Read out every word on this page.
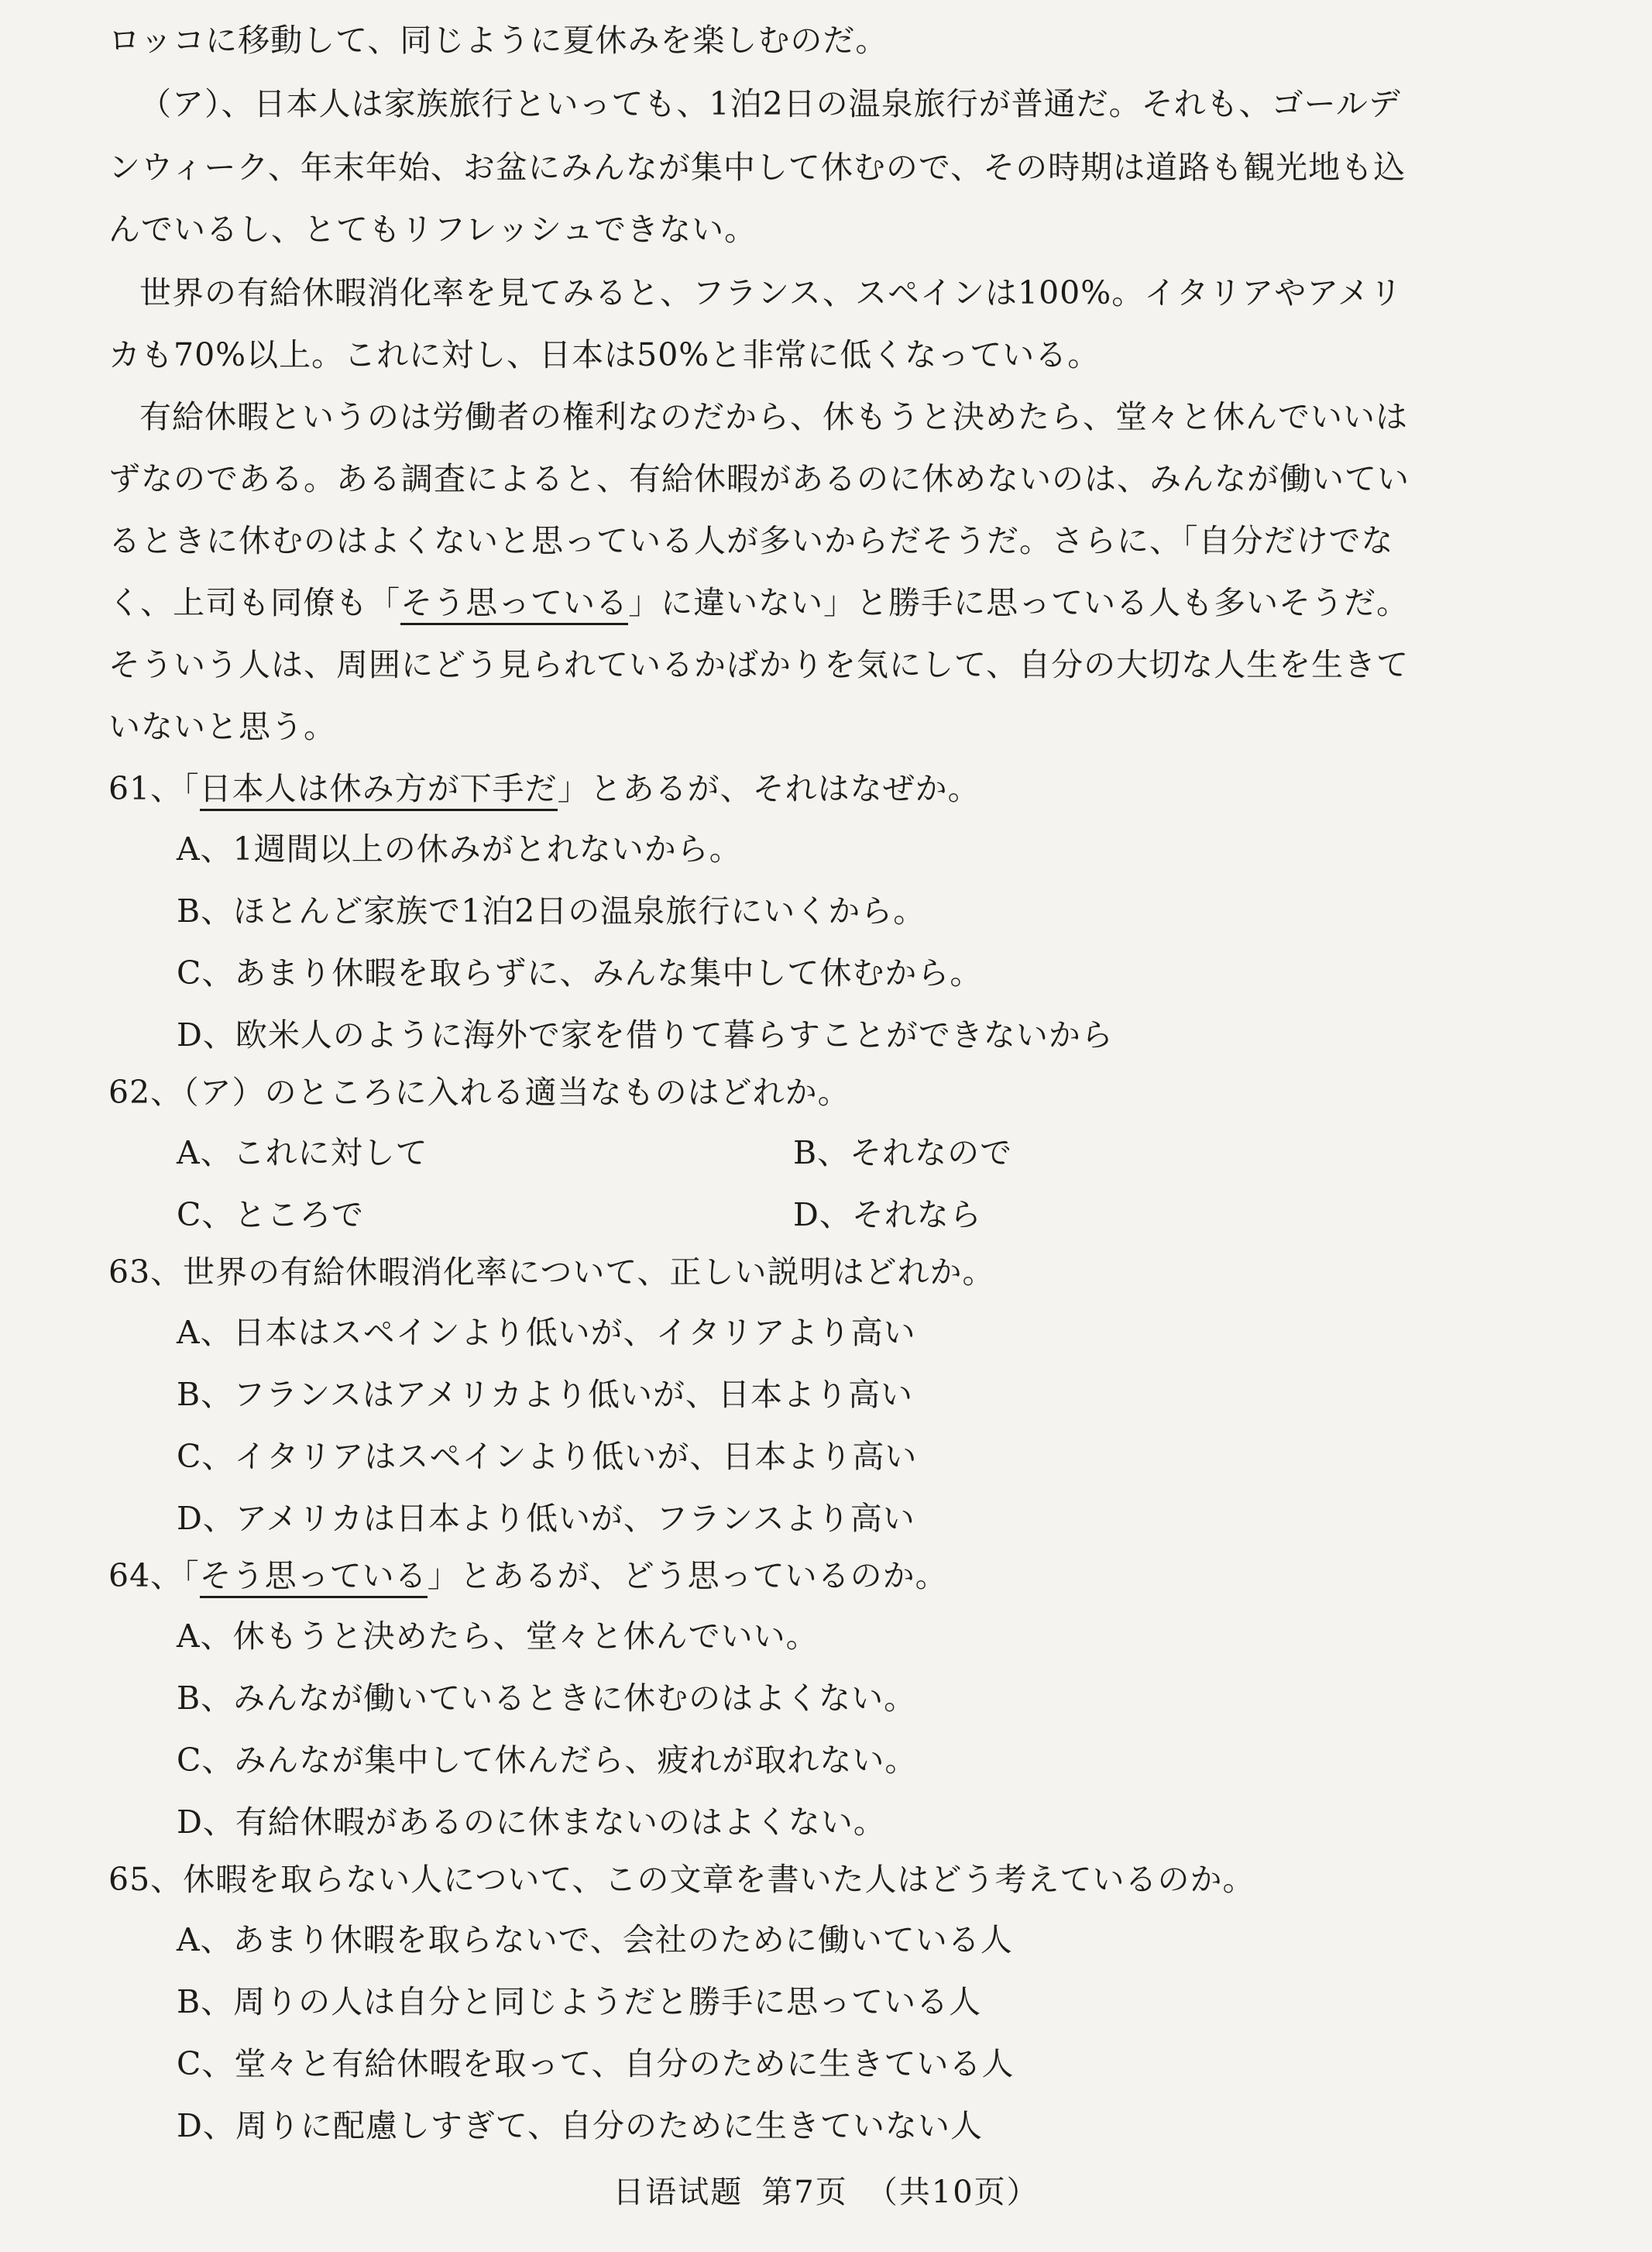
ロッコに移動して、同じように夏休みを楽しむのだ。
（ア）、日本人は家族旅行といっても、1泊2日の温泉旅行が普通だ。それも、ゴールデ
ンウィーク、年末年始、お盆にみんなが集中して休むので、その時期は道路も観光地も込
んでいるし、とてもリフレッシュできない。
世界の有給休暇消化率を見てみると、フランス、スペインは100%。イタリアやアメリ
カも70%以上。これに対し、日本は50%と非常に低くなっている。
有給休暇というのは労働者の権利なのだから、休もうと決めたら、堂々と休んでいいは
ずなのである。ある調査によると、有給休暇があるのに休めないのは、みんなが働いてい
るときに休むのはよくないと思っている人が多いからだそうだ。さらに、「自分だけでな
く、上司も同僚も「そう思っている」に違いない」と勝手に思っている人も多いそうだ。
そういう人は、周囲にどう見られているかばかりを気にして、自分の大切な人生を生きて
いないと思う。
61、「日本人は休み方が下手だ」とあるが、それはなぜか。
A、1週間以上の休みがとれないから。
B、ほとんど家族で1泊2日の温泉旅行にいくから。
C、あまり休暇を取らずに、みんな集中して休むから。
D、欧米人のように海外で家を借りて暮らすことができないから
62、（ア）のところに入れる適当なものはどれか。
A、これに対して	B、それなので
C、ところで	D、それなら
63、世界の有給休暇消化率について、正しい説明はどれか。
A、日本はスペインより低いが、イタリアより高い
B、フランスはアメリカより低いが、日本より高い
C、イタリアはスペインより低いが、日本より高い
D、アメリカは日本より低いが、フランスより高い
64、「そう思っている」とあるが、どう思っているのか。
A、休もうと決めたら、堂々と休んでいい。
B、みんなが働いているときに休むのはよくない。
C、みんなが集中して休んだら、疲れが取れない。
D、有給休暇があるのに休まないのはよくない。
65、休暇を取らない人について、この文章を書いた人はどう考えているのか。
A、あまり休暇を取らないで、会社のために働いている人
B、周りの人は自分と同じようだと勝手に思っている人
C、堂々と有給休暇を取って、自分のために生きている人
D、周りに配慮しすぎて、自分のために生きていない人
日语试题 第7页 （共10页）
